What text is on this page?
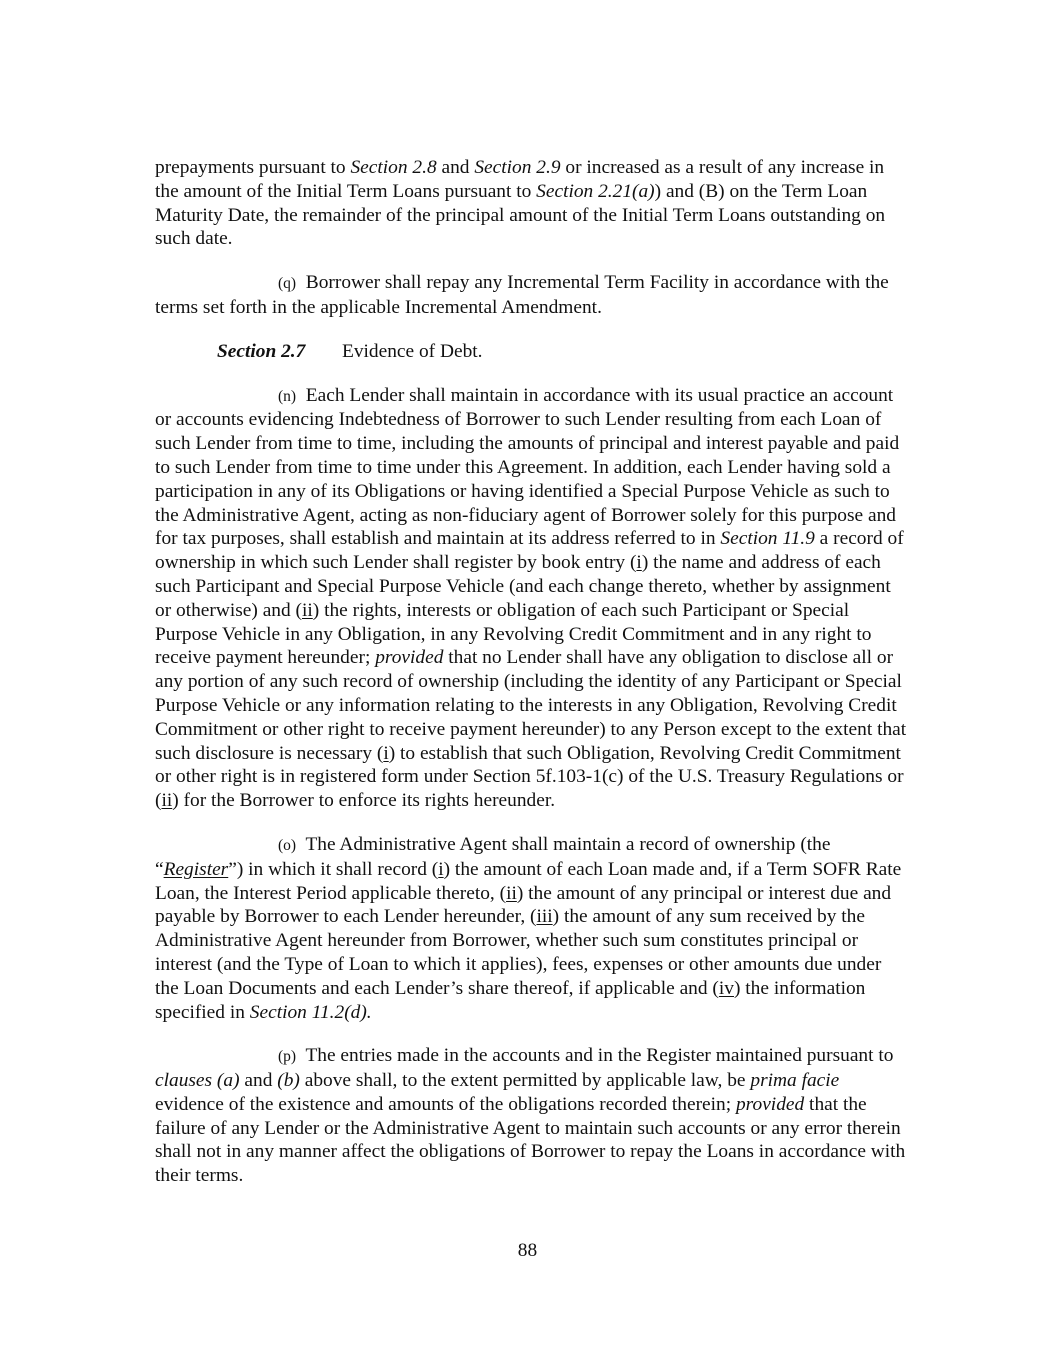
prepayments pursuant to Section 2.8 and Section 2.9 or increased as a result of any increase in the amount of the Initial Term Loans pursuant to Section 2.21(a)) and (B) on the Term Loan Maturity Date, the remainder of the principal amount of the Initial Term Loans outstanding on such date.

(q) Borrower shall repay any Incremental Term Facility in accordance with the terms set forth in the applicable Incremental Amendment.

Section 2.7 Evidence of Debt.

(n) Each Lender shall maintain in accordance with its usual practice an account or accounts evidencing Indebtedness of Borrower to such Lender resulting from each Loan of such Lender from time to time, including the amounts of principal and interest payable and paid to such Lender from time to time under this Agreement. In addition, each Lender having sold a participation in any of its Obligations or having identified a Special Purpose Vehicle as such to the Administrative Agent, acting as non-fiduciary agent of Borrower solely for this purpose and for tax purposes, shall establish and maintain at its address referred to in Section 11.9 a record of ownership in which such Lender shall register by book entry (i) the name and address of each such Participant and Special Purpose Vehicle (and each change thereto, whether by assignment or otherwise) and (ii) the rights, interests or obligation of each such Participant or Special Purpose Vehicle in any Obligation, in any Revolving Credit Commitment and in any right to receive payment hereunder; provided that no Lender shall have any obligation to disclose all or any portion of any such record of ownership (including the identity of any Participant or Special Purpose Vehicle or any information relating to the interests in any Obligation, Revolving Credit Commitment or other right to receive payment hereunder) to any Person except to the extent that such disclosure is necessary (i) to establish that such Obligation, Revolving Credit Commitment or other right is in registered form under Section 5f.103-1(c) of the U.S. Treasury Regulations or (ii) for the Borrower to enforce its rights hereunder.

(o) The Administrative Agent shall maintain a record of ownership (the “Register”) in which it shall record (i) the amount of each Loan made and, if a Term SOFR Rate Loan, the Interest Period applicable thereto, (ii) the amount of any principal or interest due and payable by Borrower to each Lender hereunder, (iii) the amount of any sum received by the Administrative Agent hereunder from Borrower, whether such sum constitutes principal or interest (and the Type of Loan to which it applies), fees, expenses or other amounts due under the Loan Documents and each Lender’s share thereof, if applicable and (iv) the information specified in Section 11.2(d).

(p) The entries made in the accounts and in the Register maintained pursuant to clauses (a) and (b) above shall, to the extent permitted by applicable law, be prima facie evidence of the existence and amounts of the obligations recorded therein; provided that the failure of any Lender or the Administrative Agent to maintain such accounts or any error therein shall not in any manner affect the obligations of Borrower to repay the Loans in accordance with their terms.

88
